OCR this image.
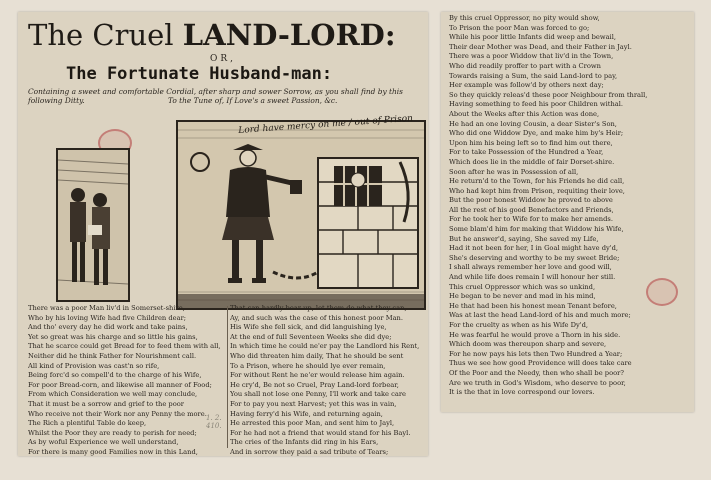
The Cruel LAND-LORD:
OR,
The Fortunate Husband-man:
Containing a sweet and comfortable Cordial, after sharp and sower Sorrow, as you shall find by this following Ditty.	To the Tune of, If Love's a sweet Passion, &c.
Lord have mercy on me / out of Prison
There was a poor Man liv'd in Somerset-shire,
Who by his loving Wife had five Children dear;
And tho' every day he did work and take pains,
Yet so great was his charge and so little his gains,
That he scarce could get Bread for to feed them with all,
Neither did he think Father for Nourishment call.
All kind of Provision was cast'n so rife,
Being forc'd so compell'd to the charge of his Wife,
For poor Bread-corn, and likewise all manner of Food;
From which Consideration we well may conclude,
That it must be a sorrow and grief to the poor
Who receive not their Work nor any Penny the more.
The Rich a plentiful Table do keep,
Whilst the Poor they are ready to perish for need;
As by woful Experience we well understand,
For there is many good Families now in this Land,
1. 2. 410.
That can hardly bear up, let them do what they can,
Ay, and such was the case of this honest poor Man.
His Wife she fell sick, and did languishing lye,
At the end of full Seventeen Weeks she did dye;
In which time he could ne'er pay the Landlord his Rent,
Who did threaten him daily, That he should be sent
To a Prison, where he should lye ever remain,
For without Rent he ne'er would release him again.
He cry'd, Be not so Cruel, Pray Land-lord forbear,
You shall not lose one Penny, I'll work and take care
For to pay you next Harvest; yet this was in vain,
Having ferry'd his Wife, and returning again,
He arrested this poor Man, and sent him to Jayl,
For he had not a friend that would stand for his Bayl.
The cries of the Infants did ring in his Ears,
And in sorrow they paid a sad tribute of Tears;
By this cruel Oppressor, no pity would show,
To Prison the poor Man was forced to go;
While his poor little Infants did weep and bewail,
Their dear Mother was Dead, and their Father in Jayl.
There was a poor Widdow that liv'd in the Town,
Who did readily proffer to part with a Crown
Towards raising a Sum, the said Land-lord to pay,
Her example was follow'd by others next day;
So they quickly releas'd these poor Neighbour from thrall,
Having something to feed his poor Children withal.
About the Weeks after this Action was done,
He had an one loving Cousin, a dear Sister's Son,
Who did one Widdow Dye, and make him by's Heir;
Upon him his being left so to find him out there,
For to take Possession of the Hundred a Year,
Which does lie in the middle of fair Dorset-shire.
Soon after he was in Possession of all,
He return'd to the Town, for his Friends he did call,
Who had kept him from Prison, requiting their love,
But the poor honest Widdow he proved to above
All the rest of his good Benefactors and Friends,
For he took her to Wife for to make her amends.
Some blam'd him for making that Widdow his Wife,
But he answer'd, saying, She saved my Life,
Had it not been for her, I in Goal might have dy'd,
She's deserving and worthy to be my sweet Bride;
I shall always remember her love and good will,
And while life does remain I will honour her still.
This cruel Oppressor which was so unkind,
He began to be never and mad in his mind,
He that had been his honest mean Tenant before,
Was at last the head Land-lord of his and much more;
For the cruelty as when as his Wife Dy'd,
He was fearful he would prove a Thorn in his side.
Which doom was thereupon sharp and severe,
For he now pays his lets then Two Hundred a Year;
Thus we see how good Providence will does take care
Of the Poor and the Needy, then who shall be poor?
Are we truth in God's Wisdom, who deserve to poor,
It is the that in love correspond our lovers.
